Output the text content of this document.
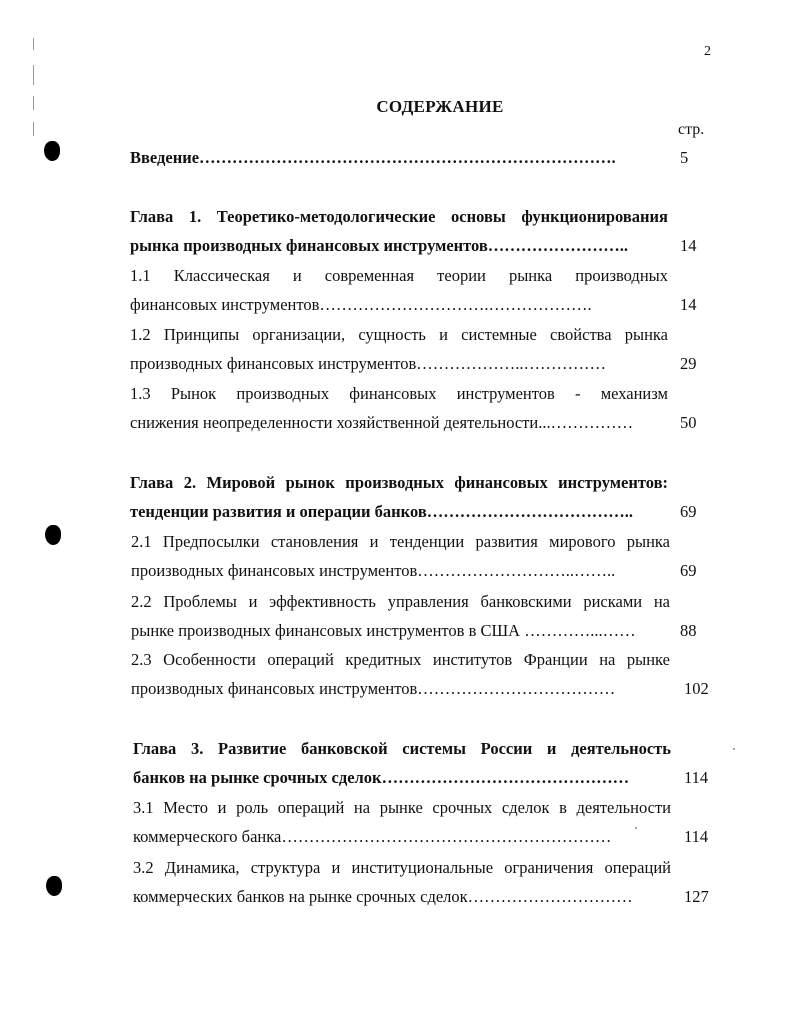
2
СОДЕРЖАНИЕ
стр.
Введение………………………………………………………………….	5
Глава 1. Теоретико-методологические основы функционирования
рынка производных финансовых инструментов……………………..	14
1.1 Классическая и современная теории рынка производных
финансовых инструментов………………………….……………….	14
1.2 Принципы организации, сущность и системные свойства рынка
производных финансовых инструментов………………..……………	29
1.3 Рынок производных финансовых инструментов - механизм
снижения неопределенности хозяйственной деятельности...……………	50
Глава 2. Мировой рынок производных финансовых инструментов:
тенденции развития и операции банков………………………………..	69
2.1 Предпосылки становления и тенденции развития мирового рынка
производных финансовых инструментов………………………..……..	69
2.2 Проблемы и эффективность управления банковскими рисками на
рынке производных финансовых инструментов в США …………...……	88
2.3 Особенности операций кредитных институтов Франции на рынке
производных финансовых инструментов………………………………	102
Глава 3. Развитие банковской системы России и деятельность
банков на рынке срочных сделок………………………………………	114
3.1 Место и роль операций на рынке срочных сделок в деятельности
коммерческого банка……………………………………………………	114
3.2 Динамика, структура и институциональные ограничения операций
коммерческих банков на рынке срочных сделок…………………………	127
